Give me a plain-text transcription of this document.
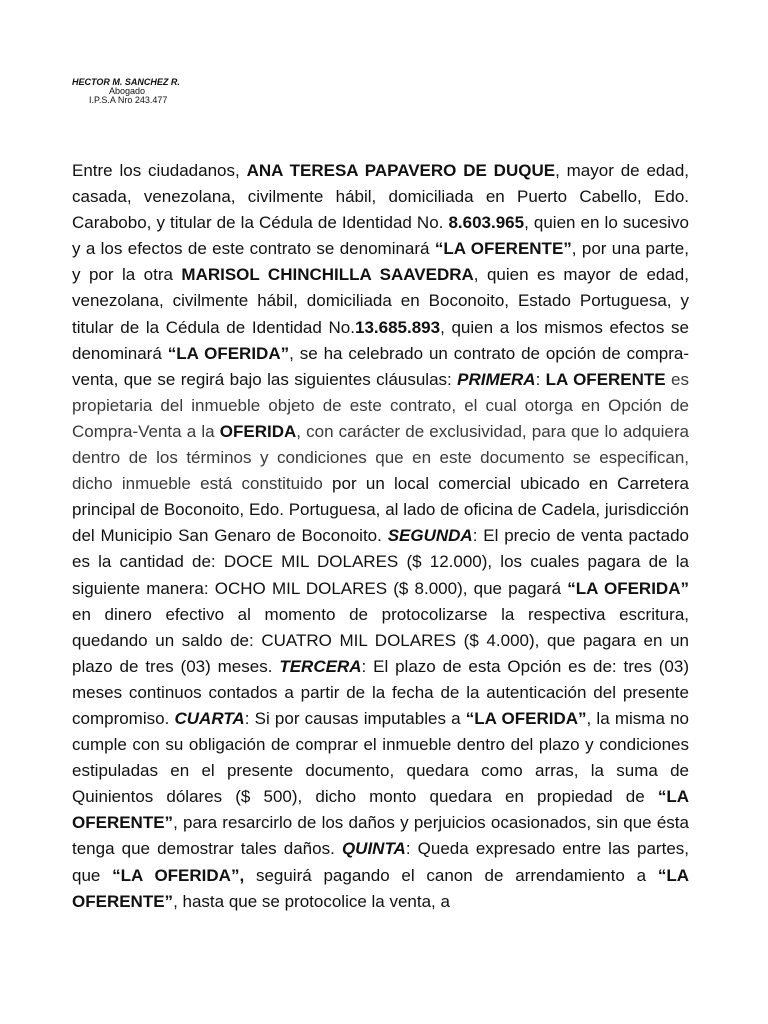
HECTOR M. SANCHEZ R.
Abogado
I.P.S.A Nro 243.477
Entre los ciudadanos, ANA TERESA PAPAVERO DE DUQUE, mayor de edad, casada, venezolana, civilmente hábil, domiciliada en Puerto Cabello, Edo. Carabobo, y titular de la Cédula de Identidad No. 8.603.965, quien en lo sucesivo y a los efectos de este contrato se denominará “LA OFERENTE”, por una parte, y por la otra MARISOL CHINCHILLA SAAVEDRA, quien es mayor de edad, venezolana, civilmente hábil, domiciliada en Boconoito, Estado Portuguesa, y titular de la Cédula de Identidad No.13.685.893, quien a los mismos efectos se denominará “LA OFERIDA”, se ha celebrado un contrato de opción de compra-venta, que se regirá bajo las siguientes cláusulas: PRIMERA: LA OFERENTE es propietaria del inmueble objeto de este contrato, el cual otorga en Opción de Compra-Venta a la OFERIDA, con carácter de exclusividad, para que lo adquiera dentro de los términos y condiciones que en este documento se especifican, dicho inmueble está constituido por un local comercial ubicado en Carretera principal de Boconoito, Edo. Portuguesa, al lado de oficina de Cadela, jurisdicción del Municipio San Genaro de Boconoito. SEGUNDA: El precio de venta pactado es la cantidad de: DOCE MIL DOLARES ($ 12.000), los cuales pagara de la siguiente manera: OCHO MIL DOLARES ($ 8.000), que pagará “LA OFERIDA” en dinero efectivo al momento de protocolizarse la respectiva escritura, quedando un saldo de: CUATRO MIL DOLARES ($ 4.000), que pagara en un plazo de tres (03) meses. TERCERA: El plazo de esta Opción es de: tres (03) meses continuos contados a partir de la fecha de la autenticación del presente compromiso. CUARTA: Si por causas imputables a “LA OFERIDA”, la misma no cumple con su obligación de comprar el inmueble dentro del plazo y condiciones estipuladas en el presente documento, quedara como arras, la suma de Quinientos dólares ($ 500), dicho monto quedara en propiedad de “LA OFERENTE”, para resarcirlo de los daños y perjuicios ocasionados, sin que ésta tenga que demostrar tales daños. QUINTA: Queda expresado entre las partes, que “LA OFERIDA”, seguirá pagando el canon de arrendamiento a “LA OFERENTE”, hasta que se protocolice la venta, a
